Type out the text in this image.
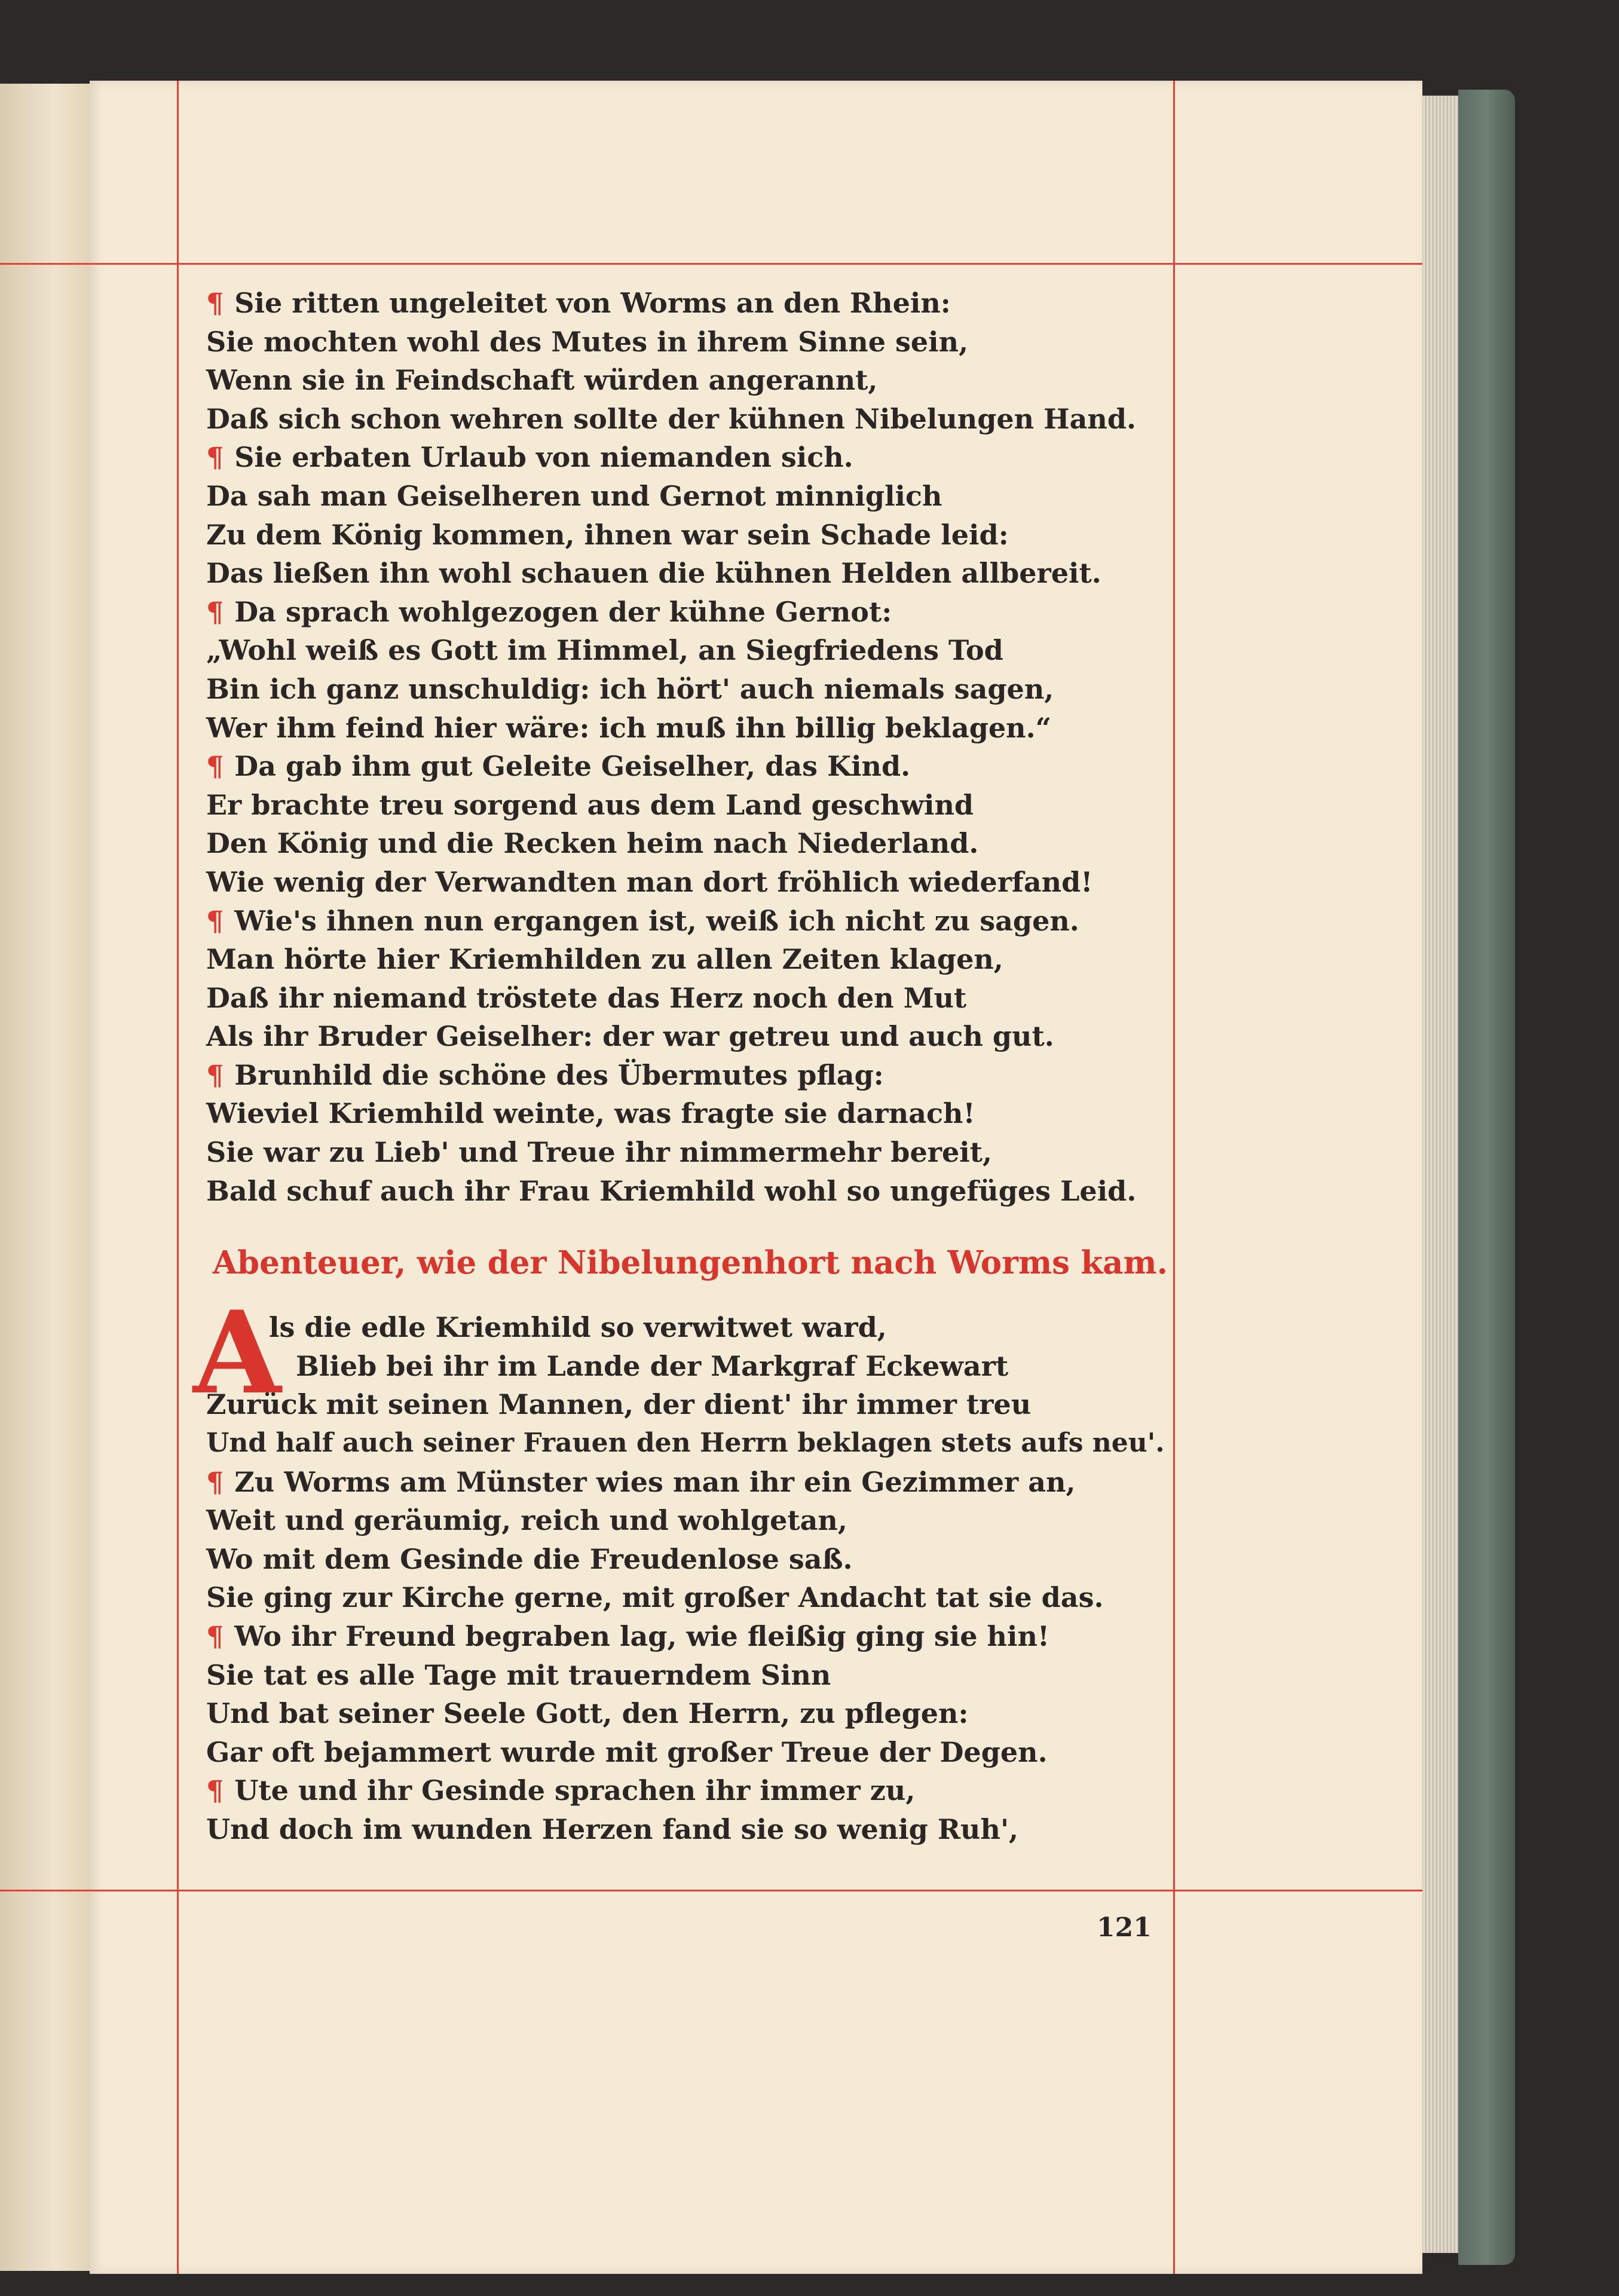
¶ Sie ritten ungeleitet von Worms an den Rhein:
Sie mochten wohl des Mutes in ihrem Sinne sein,
Wenn sie in Feindschaft würden angerannt,
Daß sich schon wehren sollte der kühnen Nibelungen Hand.
¶ Sie erbaten Urlaub von niemanden sich.
Da sah man Geiselheren und Gernot minniglich
Zu dem König kommen, ihnen war sein Schade leid:
Das ließen ihn wohl schauen die kühnen Helden allbereit.
¶ Da sprach wohlgezogen der kühne Gernot:
„Wohl weiß es Gott im Himmel, an Siegfriedens Tod
Bin ich ganz unschuldig: ich hört' auch niemals sagen,
Wer ihm feind hier wäre: ich muß ihn billig beklagen.“
¶ Da gab ihm gut Geleite Geiselher, das Kind.
Er brachte treu sorgend aus dem Land geschwind
Den König und die Recken heim nach Niederland.
Wie wenig der Verwandten man dort fröhlich wiederfand!
¶ Wie's ihnen nun ergangen ist, weiß ich nicht zu sagen.
Man hörte hier Kriemhilden zu allen Zeiten klagen,
Daß ihr niemand tröstete das Herz noch den Mut
Als ihr Bruder Geiselher: der war getreu und auch gut.
¶ Brunhild die schöne des Übermutes pflag:
Wieviel Kriemhild weinte, was fragte sie darnach!
Sie war zu Lieb' und Treue ihr nimmermehr bereit,
Bald schuf auch ihr Frau Kriemhild wohl so ungefüges Leid.
Abenteuer, wie der Nibelungenhort nach Worms kam.
A
ls die edle Kriemhild so verwitwet ward,
Blieb bei ihr im Lande der Markgraf Eckewart
Zurück mit seinen Mannen, der dient' ihr immer treu
Und half auch seiner Frauen den Herrn beklagen stets aufs neu'.
¶ Zu Worms am Münster wies man ihr ein Gezimmer an,
Weit und geräumig, reich und wohlgetan,
Wo mit dem Gesinde die Freudenlose saß.
Sie ging zur Kirche gerne, mit großer Andacht tat sie das.
¶ Wo ihr Freund begraben lag, wie fleißig ging sie hin!
Sie tat es alle Tage mit trauerndem Sinn
Und bat seiner Seele Gott, den Herrn, zu pflegen:
Gar oft bejammert wurde mit großer Treue der Degen.
¶ Ute und ihr Gesinde sprachen ihr immer zu,
Und doch im wunden Herzen fand sie so wenig Ruh',
121
